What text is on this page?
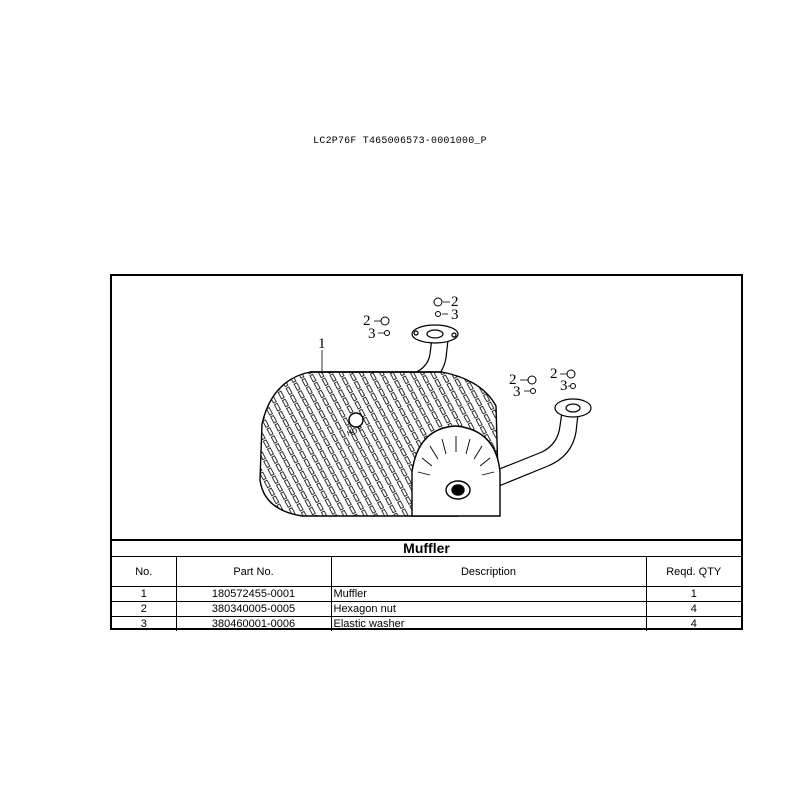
LC2P76F T465006573-0001000_P
HOT
1
2
3
2
3
2
3
2
3
Muffler
No.	Part No.	Description	Reqd. QTY
1	180572455-0001	Muffler	1
2	380340005-0005	Hexagon nut	4
3	380460001-0006	Elastic washer	4
